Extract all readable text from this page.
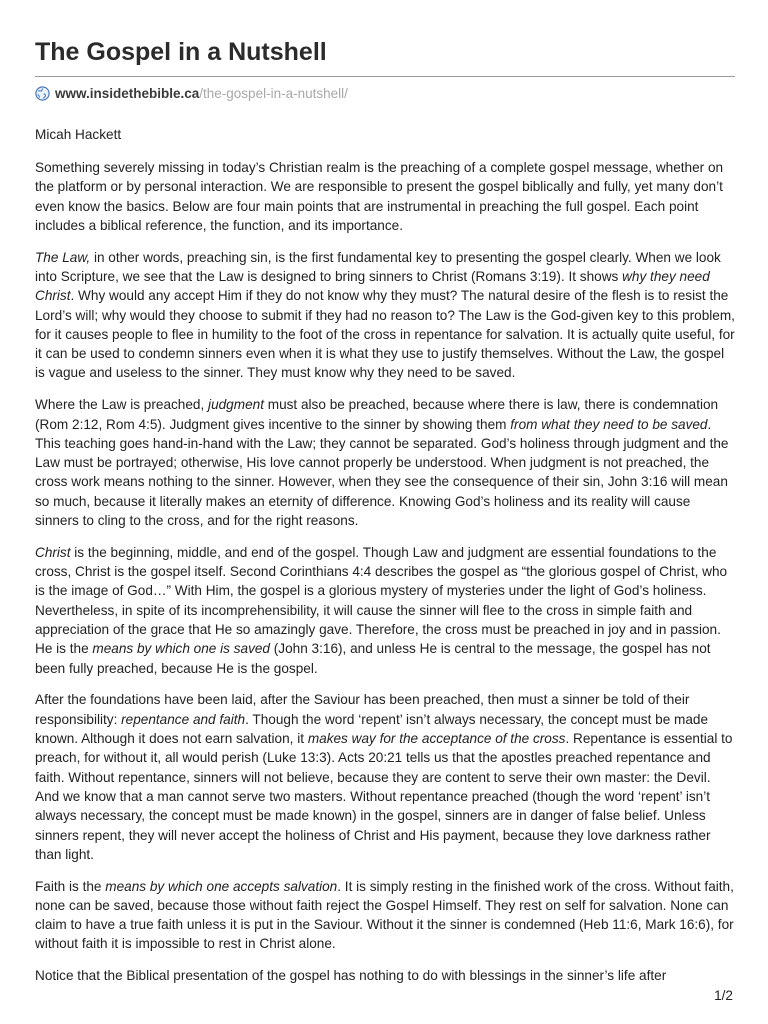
The Gospel in a Nutshell
www.insidethebible.ca /the-gospel-in-a-nutshell/

Micah Hackett

Something severely missing in today’s Christian realm is the preaching of a complete gospel message, whether on the platform or by personal interaction. We are responsible to present the gospel biblically and fully, yet many don’t even know the basics. Below are four main points that are instrumental in preaching the full gospel. Each point includes a biblical reference, the function, and its importance.

The Law, in other words, preaching sin, is the first fundamental key to presenting the gospel clearly. When we look into Scripture, we see that the Law is designed to bring sinners to Christ (Romans 3:19). It shows why they need Christ. Why would any accept Him if they do not know why they must? The natural desire of the flesh is to resist the Lord’s will; why would they choose to submit if they had no reason to? The Law is the God-given key to this problem, for it causes people to flee in humility to the foot of the cross in repentance for salvation. It is actually quite useful, for it can be used to condemn sinners even when it is what they use to justify themselves. Without the Law, the gospel is vague and useless to the sinner. They must know why they need to be saved.

Where the Law is preached, judgment must also be preached, because where there is law, there is condemnation (Rom 2:12, Rom 4:5). Judgment gives incentive to the sinner by showing them from what they need to be saved. This teaching goes hand-in-hand with the Law; they cannot be separated. God’s holiness through judgment and the Law must be portrayed; otherwise, His love cannot properly be understood. When judgment is not preached, the cross work means nothing to the sinner. However, when they see the consequence of their sin, John 3:16 will mean so much, because it literally makes an eternity of difference. Knowing God’s holiness and its reality will cause sinners to cling to the cross, and for the right reasons.

Christ is the beginning, middle, and end of the gospel. Though Law and judgment are essential foundations to the cross, Christ is the gospel itself. Second Corinthians 4:4 describes the gospel as “the glorious gospel of Christ, who is the image of God…” With Him, the gospel is a glorious mystery of mysteries under the light of God’s holiness. Nevertheless, in spite of its incomprehensibility, it will cause the sinner will flee to the cross in simple faith and appreciation of the grace that He so amazingly gave. Therefore, the cross must be preached in joy and in passion. He is the means by which one is saved (John 3:16), and unless He is central to the message, the gospel has not been fully preached, because He is the gospel.

After the foundations have been laid, after the Saviour has been preached, then must a sinner be told of their responsibility: repentance and faith. Though the word ‘repent’ isn’t always necessary, the concept must be made known. Although it does not earn salvation, it makes way for the acceptance of the cross. Repentance is essential to preach, for without it, all would perish (Luke 13:3). Acts 20:21 tells us that the apostles preached repentance and faith. Without repentance, sinners will not believe, because they are content to serve their own master: the Devil. And we know that a man cannot serve two masters. Without repentance preached (though the word ‘repent’ isn’t always necessary, the concept must be made known) in the gospel, sinners are in danger of false belief. Unless sinners repent, they will never accept the holiness of Christ and His payment, because they love darkness rather than light.

Faith is the means by which one accepts salvation. It is simply resting in the finished work of the cross. Without faith, none can be saved, because those without faith reject the Gospel Himself. They rest on self for salvation. None can claim to have a true faith unless it is put in the Saviour. Without it the sinner is condemned (Heb 11:6, Mark 16:6), for without faith it is impossible to rest in Christ alone.

Notice that the Biblical presentation of the gospel has nothing to do with blessings in the sinner’s life after

1/2
